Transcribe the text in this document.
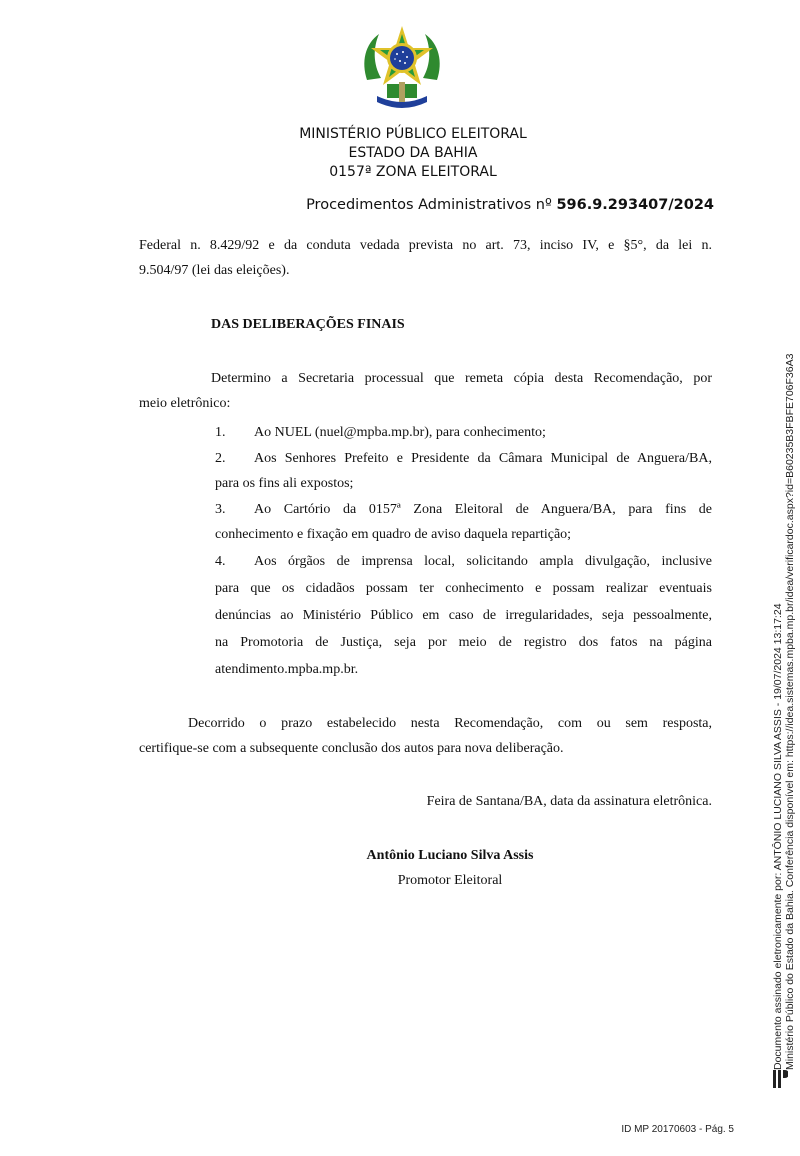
MINISTÉRIO PÚBLICO ELEITORAL
ESTADO DA BAHIA
0157ª ZONA ELEITORAL
Procedimentos Administrativos nº 596.9.293407/2024
Federal n. 8.429/92 e da conduta vedada prevista no art. 73, inciso IV, e §5°, da lei n.
9.504/97 (lei das eleições).
DAS DELIBERAÇÕES FINAIS
Determino a Secretaria processual que remeta cópia desta Recomendação, por
meio eletrônico:
1. Ao NUEL (nuel@mpba.mp.br), para conhecimento;
2. Aos Senhores Prefeito e Presidente da Câmara Municipal de Anguera/BA,
para os fins ali expostos;
3. Ao Cartório da 0157ª Zona Eleitoral de Anguera/BA, para fins de
conhecimento e fixação em quadro de aviso daquela repartição;
4. Aos órgãos de imprensa local, solicitando ampla divulgação, inclusive
para que os cidadãos possam ter conhecimento e possam realizar eventuais
denúncias ao Ministério Público em caso de irregularidades, seja pessoalmente,
na Promotoria de Justiça, seja por meio de registro dos fatos na página
atendimento.mpba.mp.br.
Decorrido o prazo estabelecido nesta Recomendação, com ou sem resposta,
certifique-se com a subsequente conclusão dos autos para nova deliberação.
Feira de Santana/BA, data da assinatura eletrônica.
Antônio Luciano Silva Assis
Promotor Eleitoral	Documento assinado eletronicamente por: ANTÔNIO LUCIANO SILVA ASSIS - 19/07/2024 13:17:24 Ministério Público do Estado da Bahia. Conferência disponível em: https://idea.sistemas.mpba.mp.br/idea/verificardoc.aspx?id=B60235B3FBFE706F36A3
ID MP 20170603 - Pág. 5
